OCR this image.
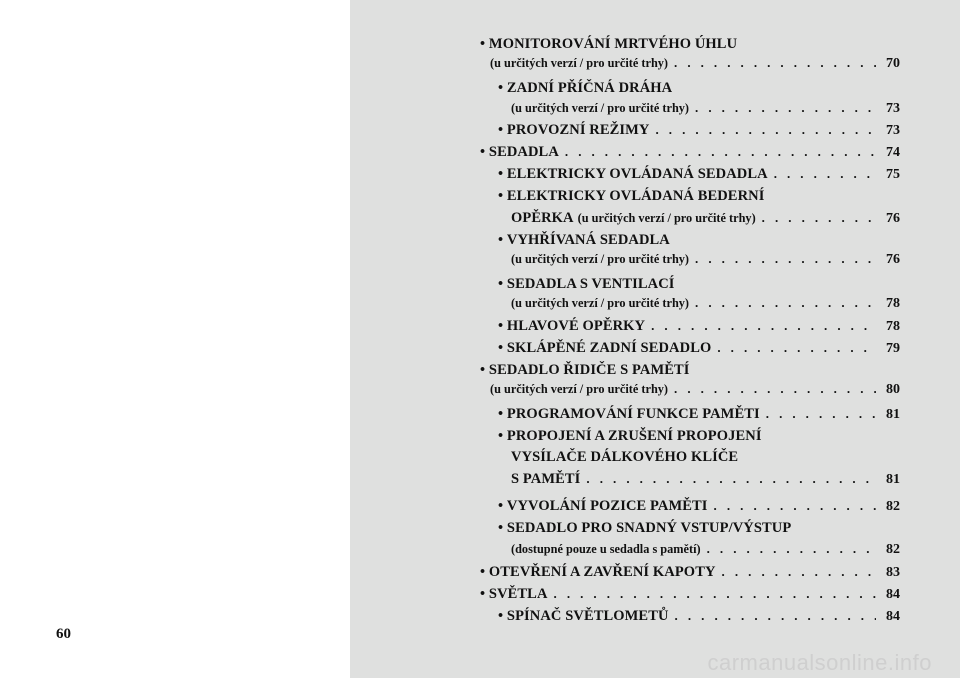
60
• MONITOROVÁNÍ MRTVÉHO ÚHLU
(u určitých verzí / pro určité trhy) . . .	70
• ZADNÍ PŘÍČNÁ DRÁHA
(u určitých verzí / pro určité trhy) . . .	73
• PROVOZNÍ REŽIMY . . .	73
• SEDADLA . . .	74
• ELEKTRICKY OVLÁDANÁ SEDADLA . . .	75
• ELEKTRICKY OVLÁDANÁ BEDERNÍ
OPĚRKA (u určitých verzí / pro určité trhy) . . .	76
• VYHŘÍVANÁ SEDADLA
(u určitých verzí / pro určité trhy) . . .	76
• SEDADLA S VENTILACÍ
(u určitých verzí / pro určité trhy) . . .	78
• HLAVOVÉ OPĚRKY . . .	78
• SKLÁPĚNÉ ZADNÍ SEDADLO . . .	79
• SEDADLO ŘIDIČE S PAMĚTÍ
(u určitých verzí / pro určité trhy) . . .	80
• PROGRAMOVÁNÍ FUNKCE PAMĚTI . . .	81
• PROPOJENÍ A ZRUŠENÍ PROPOJENÍ
VYSÍLAČE DÁLKOVÉHO KLÍČE
S PAMĚTÍ . . .	81
• VYVOLÁNÍ POZICE PAMĚTI . . .	82
• SEDADLO PRO SNADNÝ VSTUP/VÝSTUP
(dostupné pouze u sedadla s pamětí) . . .	82
• OTEVŘENÍ A ZAVŘENÍ KAPOTY . . .	83
• SVĚTLA . . .	84
• SPÍNAČ SVĚTLOMETŮ . . .	84
carmanualsonline.info
